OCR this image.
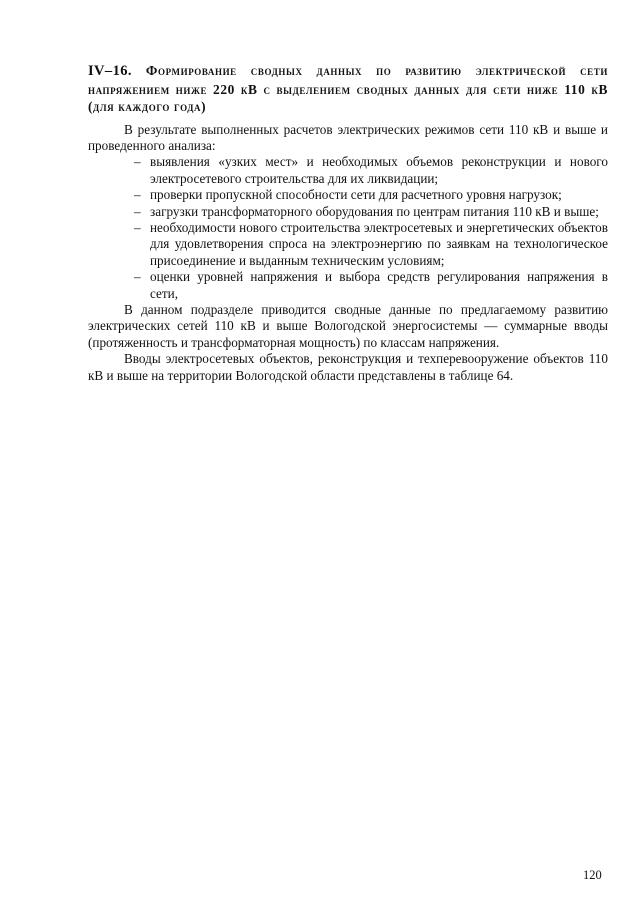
IV–16. Формирование сводных данных по развитию электрической сети напряжением ниже 220 кВ с выделением сводных данных для сети ниже 110 кВ (для каждого года)

В результате выполненных расчетов электрических режимов сети 110 кВ и выше и проведенного анализа:

– выявления «узких мест» и необходимых объемов реконструкции и нового электросетевого строительства для их ликвидации;
– проверки пропускной способности сети для расчетного уровня нагрузок;
– загрузки трансформаторного оборудования по центрам питания 110 кВ и выше;
– необходимости нового строительства электросетевых и энергетических объектов для удовлетворения спроса на электроэнергию по заявкам на технологическое присоединение и выданным техническим условиям;
– оценки уровней напряжения и выбора средств регулирования напряжения в сети,

В данном подразделе приводится сводные данные по предлагаемому развитию электрических сетей 110 кВ и выше Вологодской энергосистемы — суммарные вводы (протяженность и трансформаторная мощность) по классам напряжения.

Вводы электросетевых объектов, реконструкция и техперевооружение объектов 110 кВ и выше на территории Вологодской области представлены в таблице 64.

120
